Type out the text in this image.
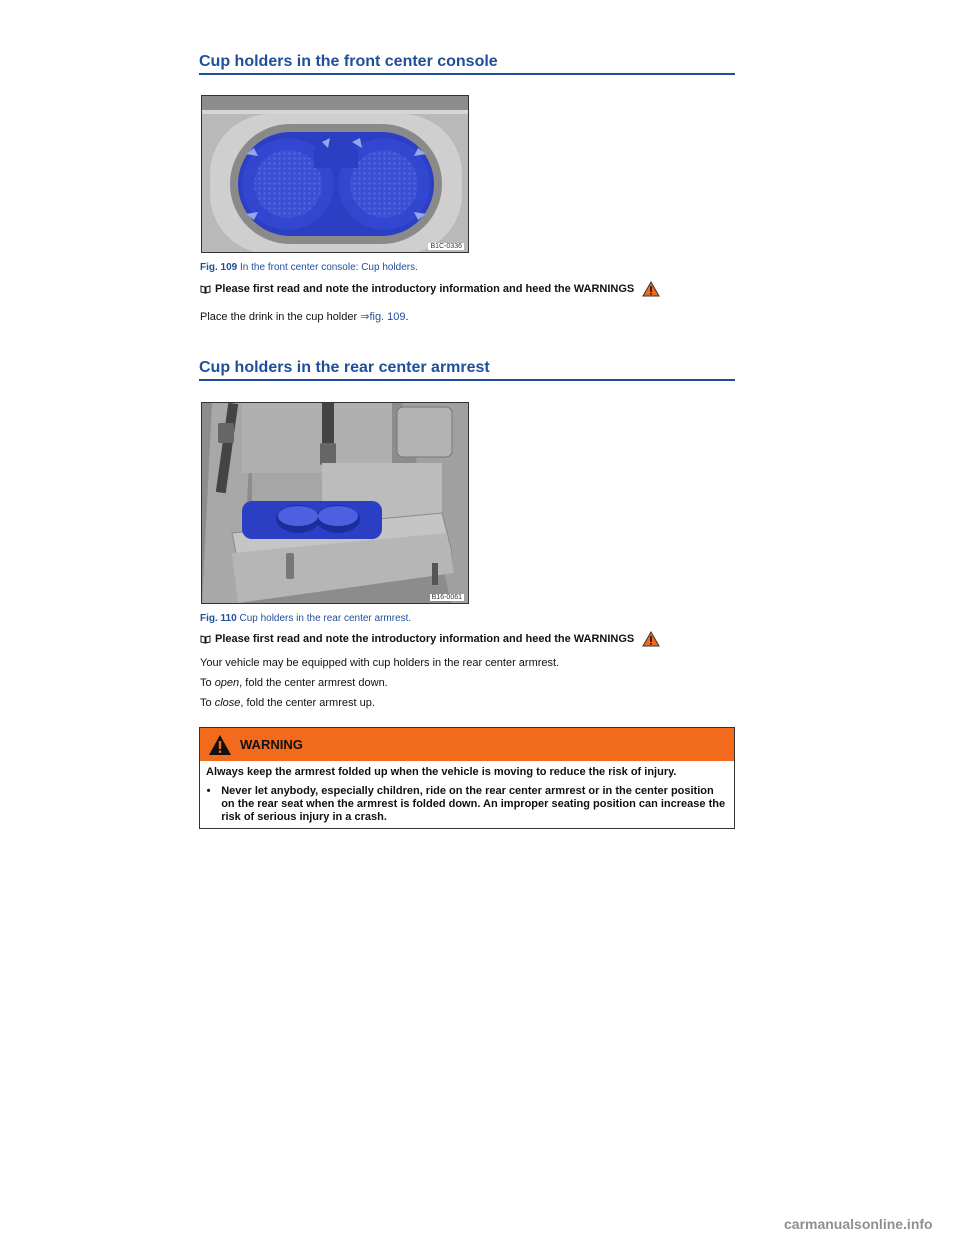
Cup holders in the front center console
B1C-0336
Fig. 109 In the front center console: Cup holders.
Please first read and note the introductory information and heed the WARNINGS
Place the drink in the cup holder ⇒fig. 109.
Cup holders in the rear center armrest
B16-0061
Fig. 110 Cup holders in the rear center armrest.
Please first read and note the introductory information and heed the WARNINGS
Your vehicle may be equipped with cup holders in the rear center armrest.
To open, fold the center armrest down.
To close, fold the center armrest up.
WARNING

Always keep the armrest folded up when the vehicle is moving to reduce the risk of injury.

• Never let anybody, especially children, ride on the rear center armrest or in the center position on the rear seat when the armrest is folded down. An improper seating position can increase the risk of serious injury in a crash.
carmanualsonline.info
